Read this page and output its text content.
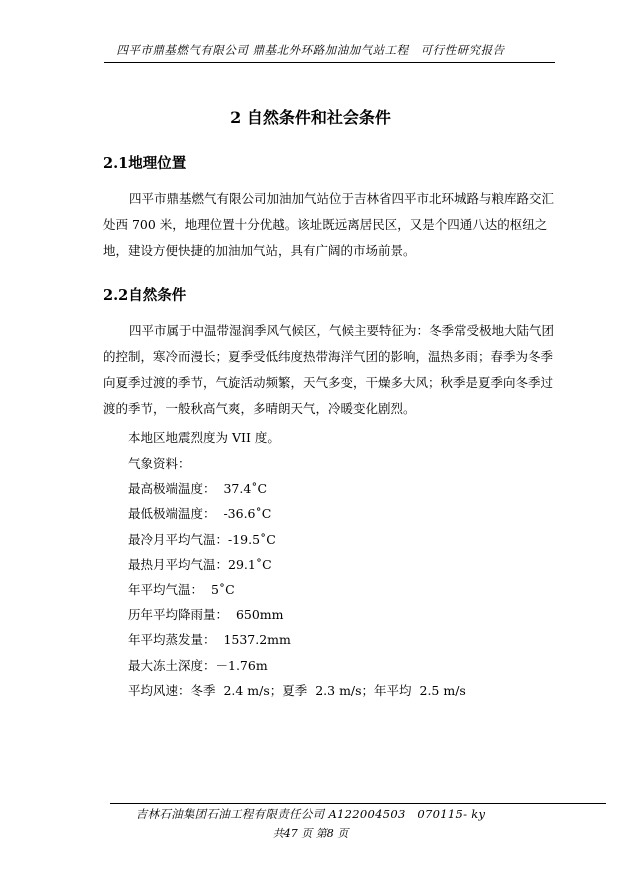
四平市鼎基燃气有限公司 鼎基北外环路加油加气站工程　可行性研究报告
2 自然条件和社会条件
2.1地理位置
四平市鼎基燃气有限公司加油加气站位于吉林省四平市北环城路与粮库路交汇处西 700 米，地理位置十分优越。该址既远离居民区，又是个四通八达的枢纽之地，建设方便快捷的加油加气站，具有广阔的市场前景。
2.2自然条件
四平市属于中温带湿润季风气候区，气候主要特征为：冬季常受极地大陆气团的控制，寒冷而漫长；夏季受低纬度热带海洋气团的影响，温热多雨；春季为冬季向夏季过渡的季节，气旋活动频繁，天气多变，干燥多大风；秋季是夏季向冬季过渡的季节，一般秋高气爽，多晴朗天气，冷暖变化剧烈。
本地区地震烈度为 VII 度。
气象资料：
最高极端温度：  37.4˚C
最低极端温度：  -36.6˚C
最冷月平均气温：-19.5˚C
最热月平均气温：29.1˚C
年平均气温：  5˚C
历年平均降雨量：  650mm
年平均蒸发量：  1537.2mm
最大冻土深度：－1.76m
平均风速：冬季  2.4 m/s；夏季  2.3 m/s；年平均  2.5 m/s
吉林石油集团石油工程有限责任公司 A122004503　070115- ky
共47 页 第8 页
